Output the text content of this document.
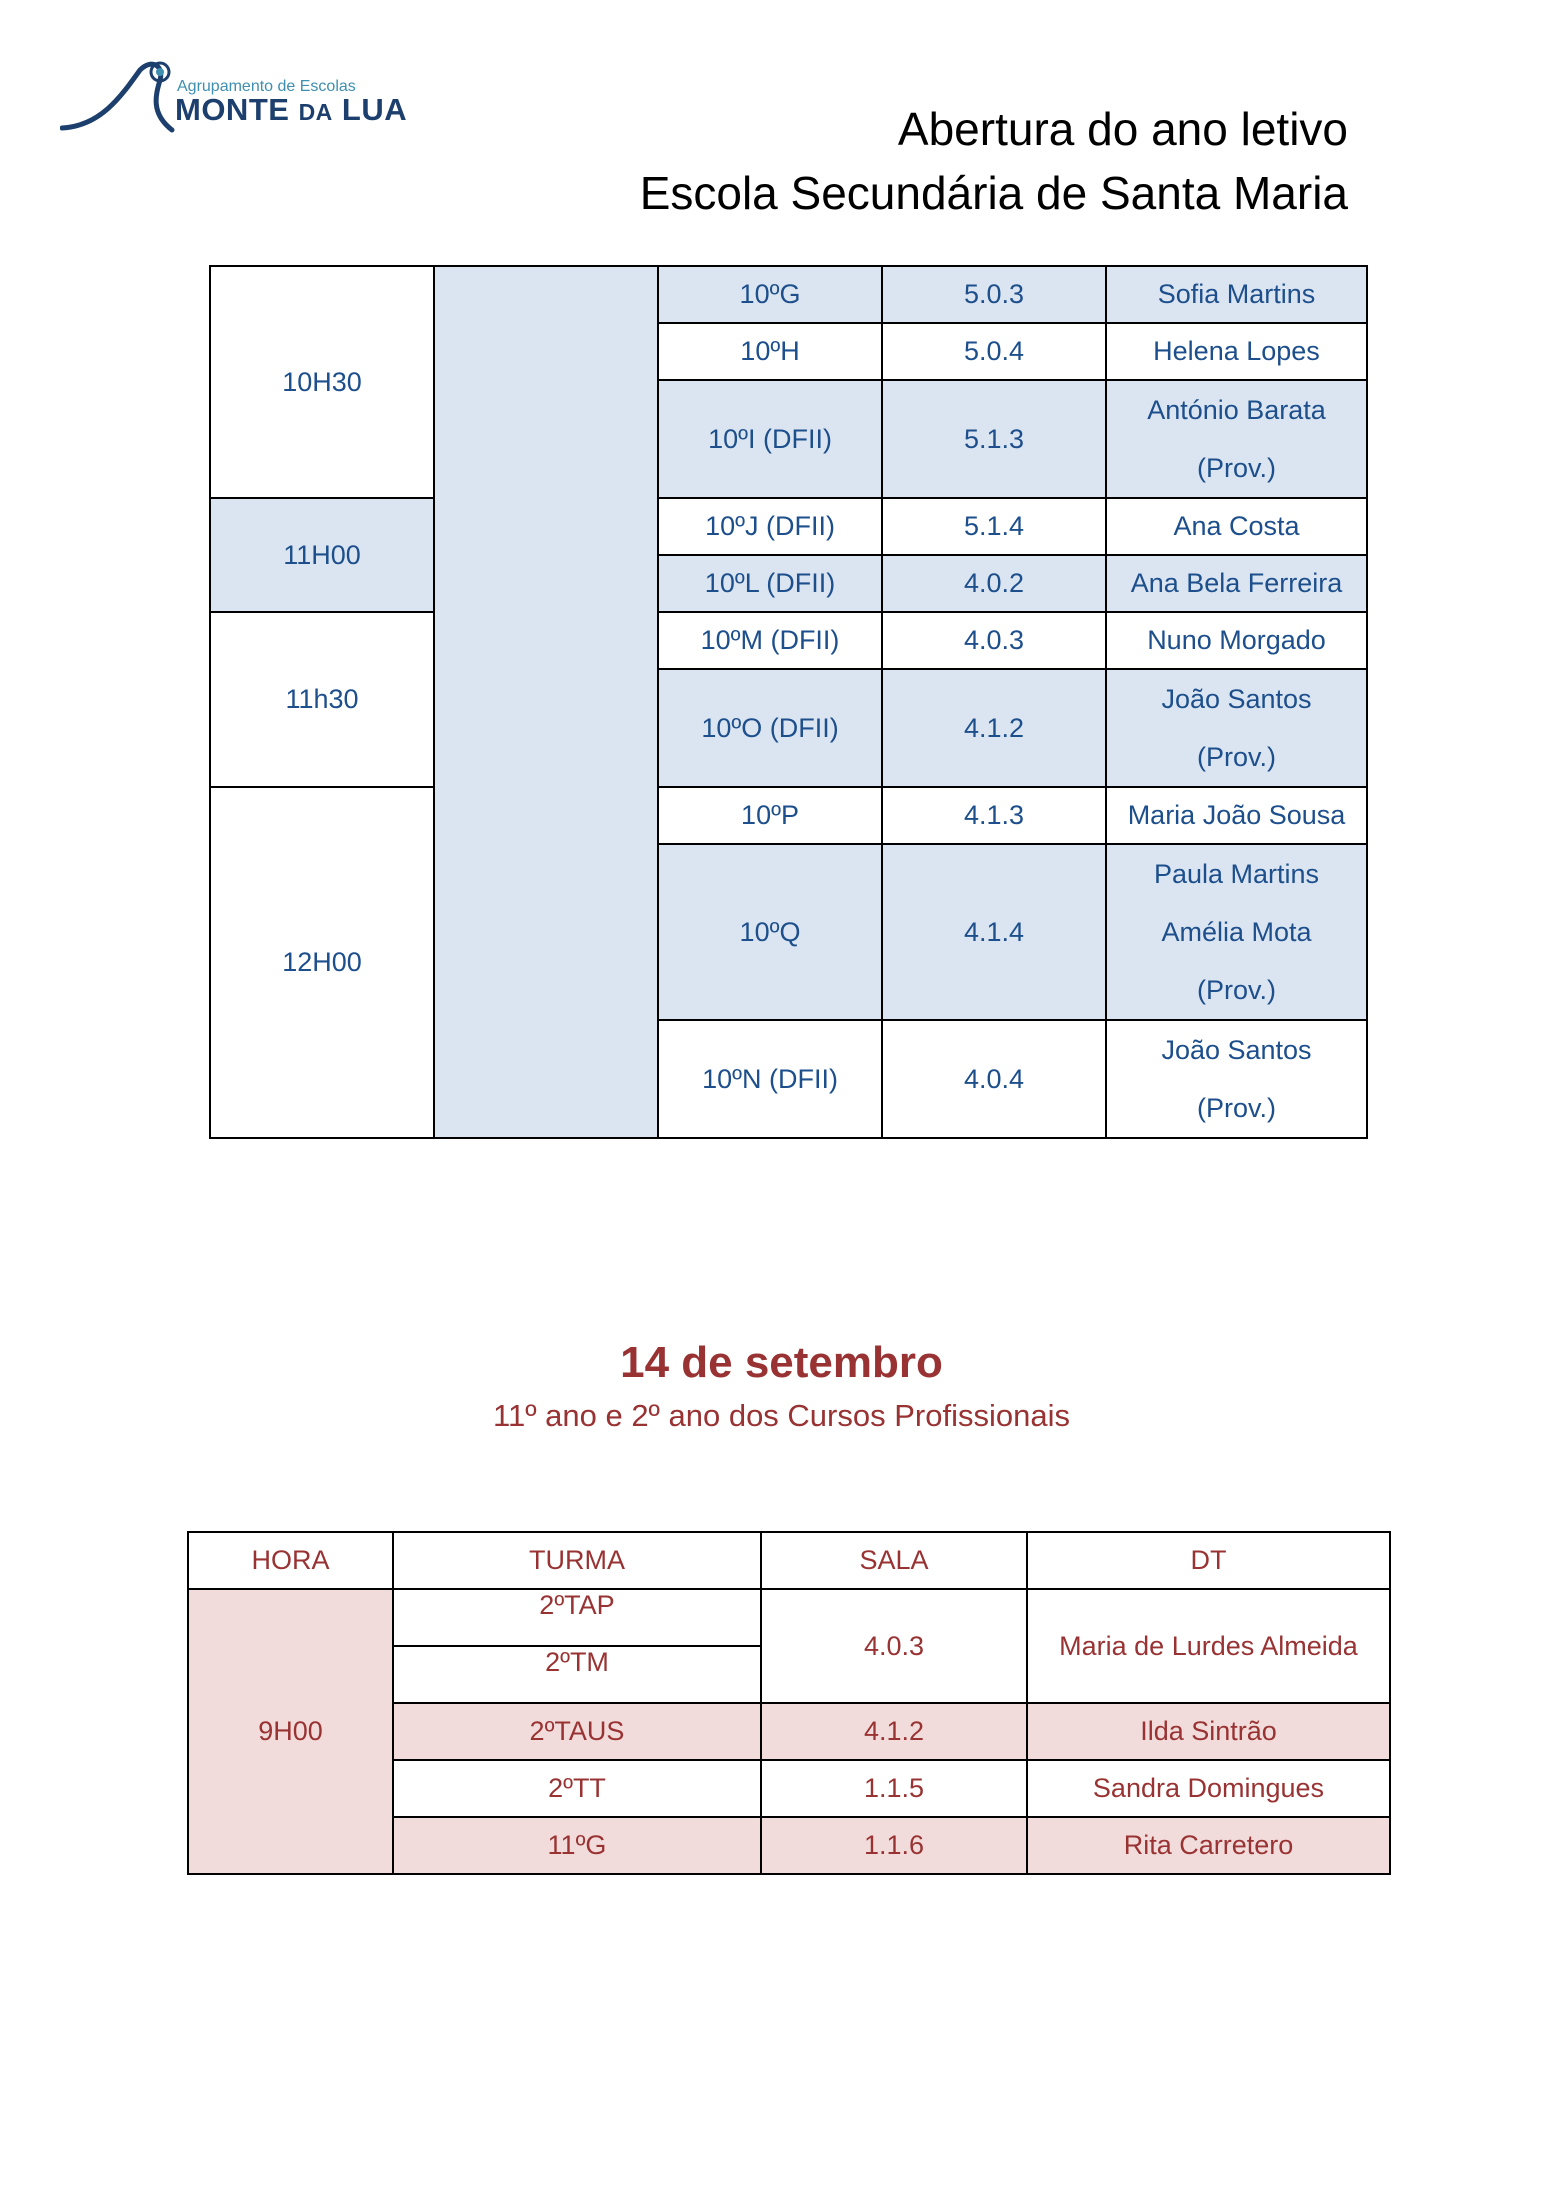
Agrupamento de Escolas
MONTE DA LUA	Abertura do ano letivo
Escola Secundária de Santa Maria
10H30		10ºG	5.0.3	Sofia Martins
		10ºH	5.0.4	Helena Lopes
		10ºI (DFII)	5.1.3	António Barata
(Prov.)

11H00		10ºJ (DFII)	5.1.4	Ana Costa
		10ºL (DFII)	4.0.2	Ana Bela Ferreira

11h30		10ºM (DFII)	4.0.3	Nuno Morgado
		10ºO (DFII)	4.1.2	João Santos
(Prov.)

12H00		10ºP	4.1.3	Maria João Sousa
		10ºQ	4.1.4	Paula Martins
Amélia Mota
(Prov.)

		10ºN (DFII)	4.0.4	João Santos
(Prov.)

14 de setembro
11º ano e 2º ano dos Cursos Profissionais
HORA	TURMA	SALA	DT
9H00	2ºTAP	4.0.3	Maria de Lurdes Almeida

	2ºTM		

	2ºTAUS	4.1.2	Ilda Sintrão
	2ºTT	1.1.5	Sandra Domingues
	11ºG	1.1.6	Rita Carretero
